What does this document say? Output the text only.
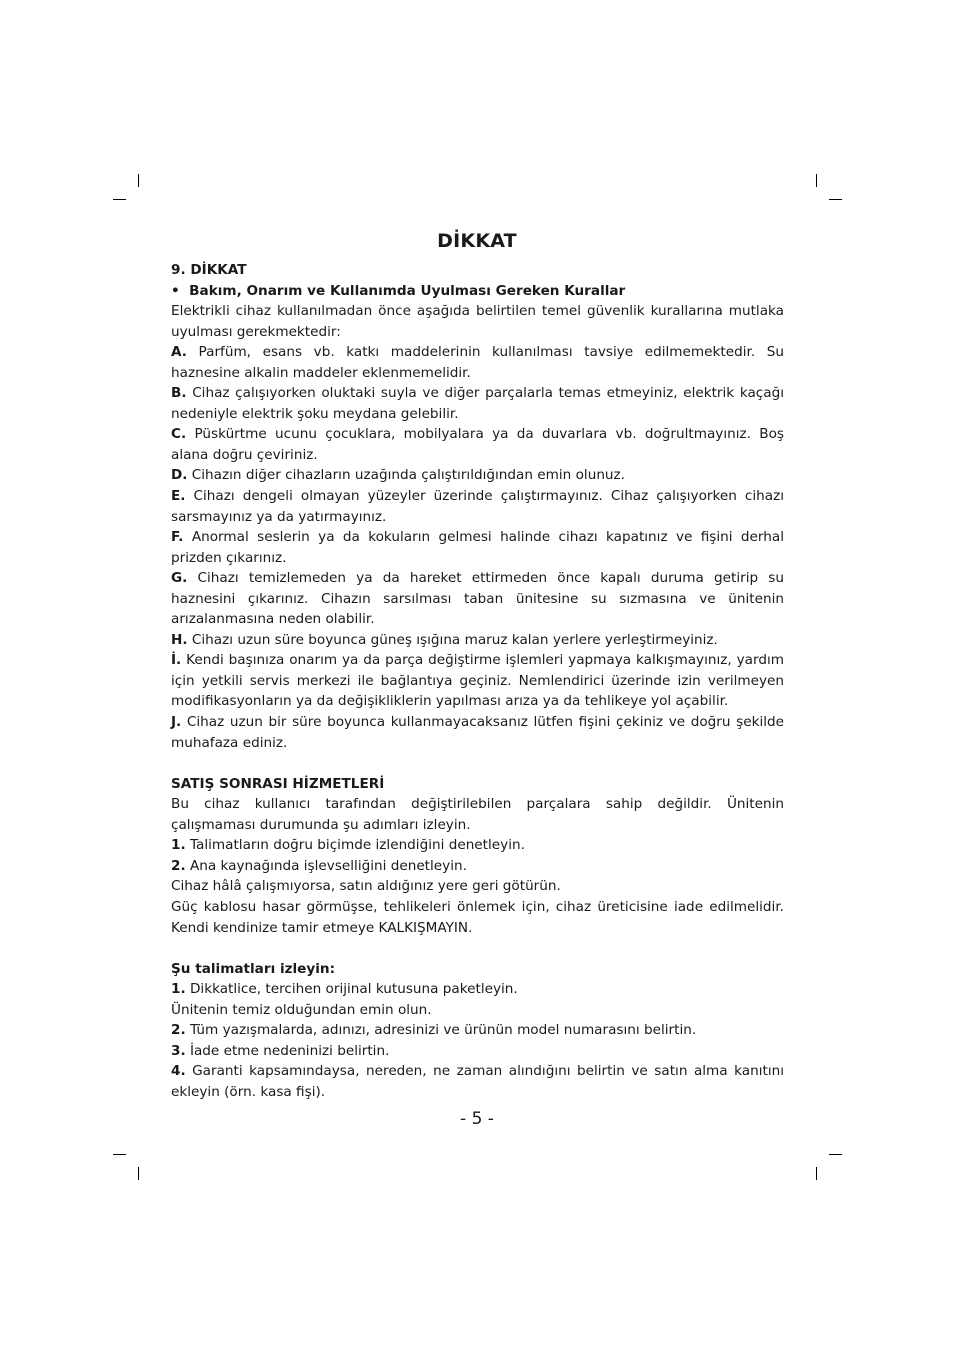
DİKKAT

9. DİKKAT

• Bakım, Onarım ve Kullanımda Uyulması Gereken Kurallar

Elektrikli cihaz kullanılmadan önce aşağıda belirtilen temel güvenlik kurallarına mutlaka uyulması gerekmektedir:

A. Parfüm, esans vb. katkı maddelerinin kullanılması tavsiye edilmemektedir. Su haznesine alkalin maddeler eklenmemelidir.

B. Cihaz çalışıyorken oluktaki suyla ve diğer parçalarla temas etmeyiniz, elektrik kaçağı nedeniyle elektrik şoku meydana gelebilir.

C. Püskürtme ucunu çocuklara, mobilyalara ya da duvarlara vb. doğrultmayınız. Boş alana doğru çeviriniz.

D. Cihazın diğer cihazların uzağında çalıştırıldığından emin olunuz.

E. Cihazı dengeli olmayan yüzeyler üzerinde çalıştırmayınız. Cihaz çalışıyorken cihazı sarsmayınız ya da yatırmayınız.

F. Anormal seslerin ya da kokuların gelmesi halinde cihazı kapatınız ve fişini derhal prizden çıkarınız.

G. Cihazı temizlemeden ya da hareket ettirmeden önce kapalı duruma getirip su haznesini çıkarınız. Cihazın sarsılması taban ünitesine su sızmasına ve ünitenin arızalanmasına neden olabilir.

H. Cihazı uzun süre boyunca güneş ışığına maruz kalan yerlere yerleştirmeyiniz.

İ. Kendi başınıza onarım ya da parça değiştirme işlemleri yapmaya kalkışmayınız, yardım için yetkili servis merkezi ile bağlantıya geçiniz. Nemlendirici üzerinde izin verilmeyen modifikasyonların ya da değişikliklerin yapılması arıza ya da tehlikeye yol açabilir.

J. Cihaz uzun bir süre boyunca kullanmayacaksanız lütfen fişini çekiniz ve doğru şekilde muhafaza ediniz.

SATIŞ SONRASI HİZMETLERİ

Bu cihaz kullanıcı tarafından değiştirilebilen parçalara sahip değildir. Ünitenin çalışmaması durumunda şu adımları izleyin.

1. Talimatların doğru biçimde izlendiğini denetleyin.

2. Ana kaynağında işlevselliğini denetleyin.

Cihaz hâlâ çalışmıyorsa, satın aldığınız yere geri götürün.

Güç kablosu hasar görmüşse, tehlikeleri önlemek için, cihaz üreticisine iade edilmelidir. Kendi kendinize tamir etmeye KALKIŞMAYIN.

Şu talimatları izleyin:

1. Dikkatlice, tercihen orijinal kutusuna paketleyin.

Ünitenin temiz olduğundan emin olun.

2. Tüm yazışmalarda, adınızı, adresinizi ve ürünün model numarasını belirtin.

3. İade etme nedeninizi belirtin.

4. Garanti kapsamındaysa, nereden, ne zaman alındığını belirtin ve satın alma kanıtını ekleyin (örn. kasa fişi).

- 5 -
